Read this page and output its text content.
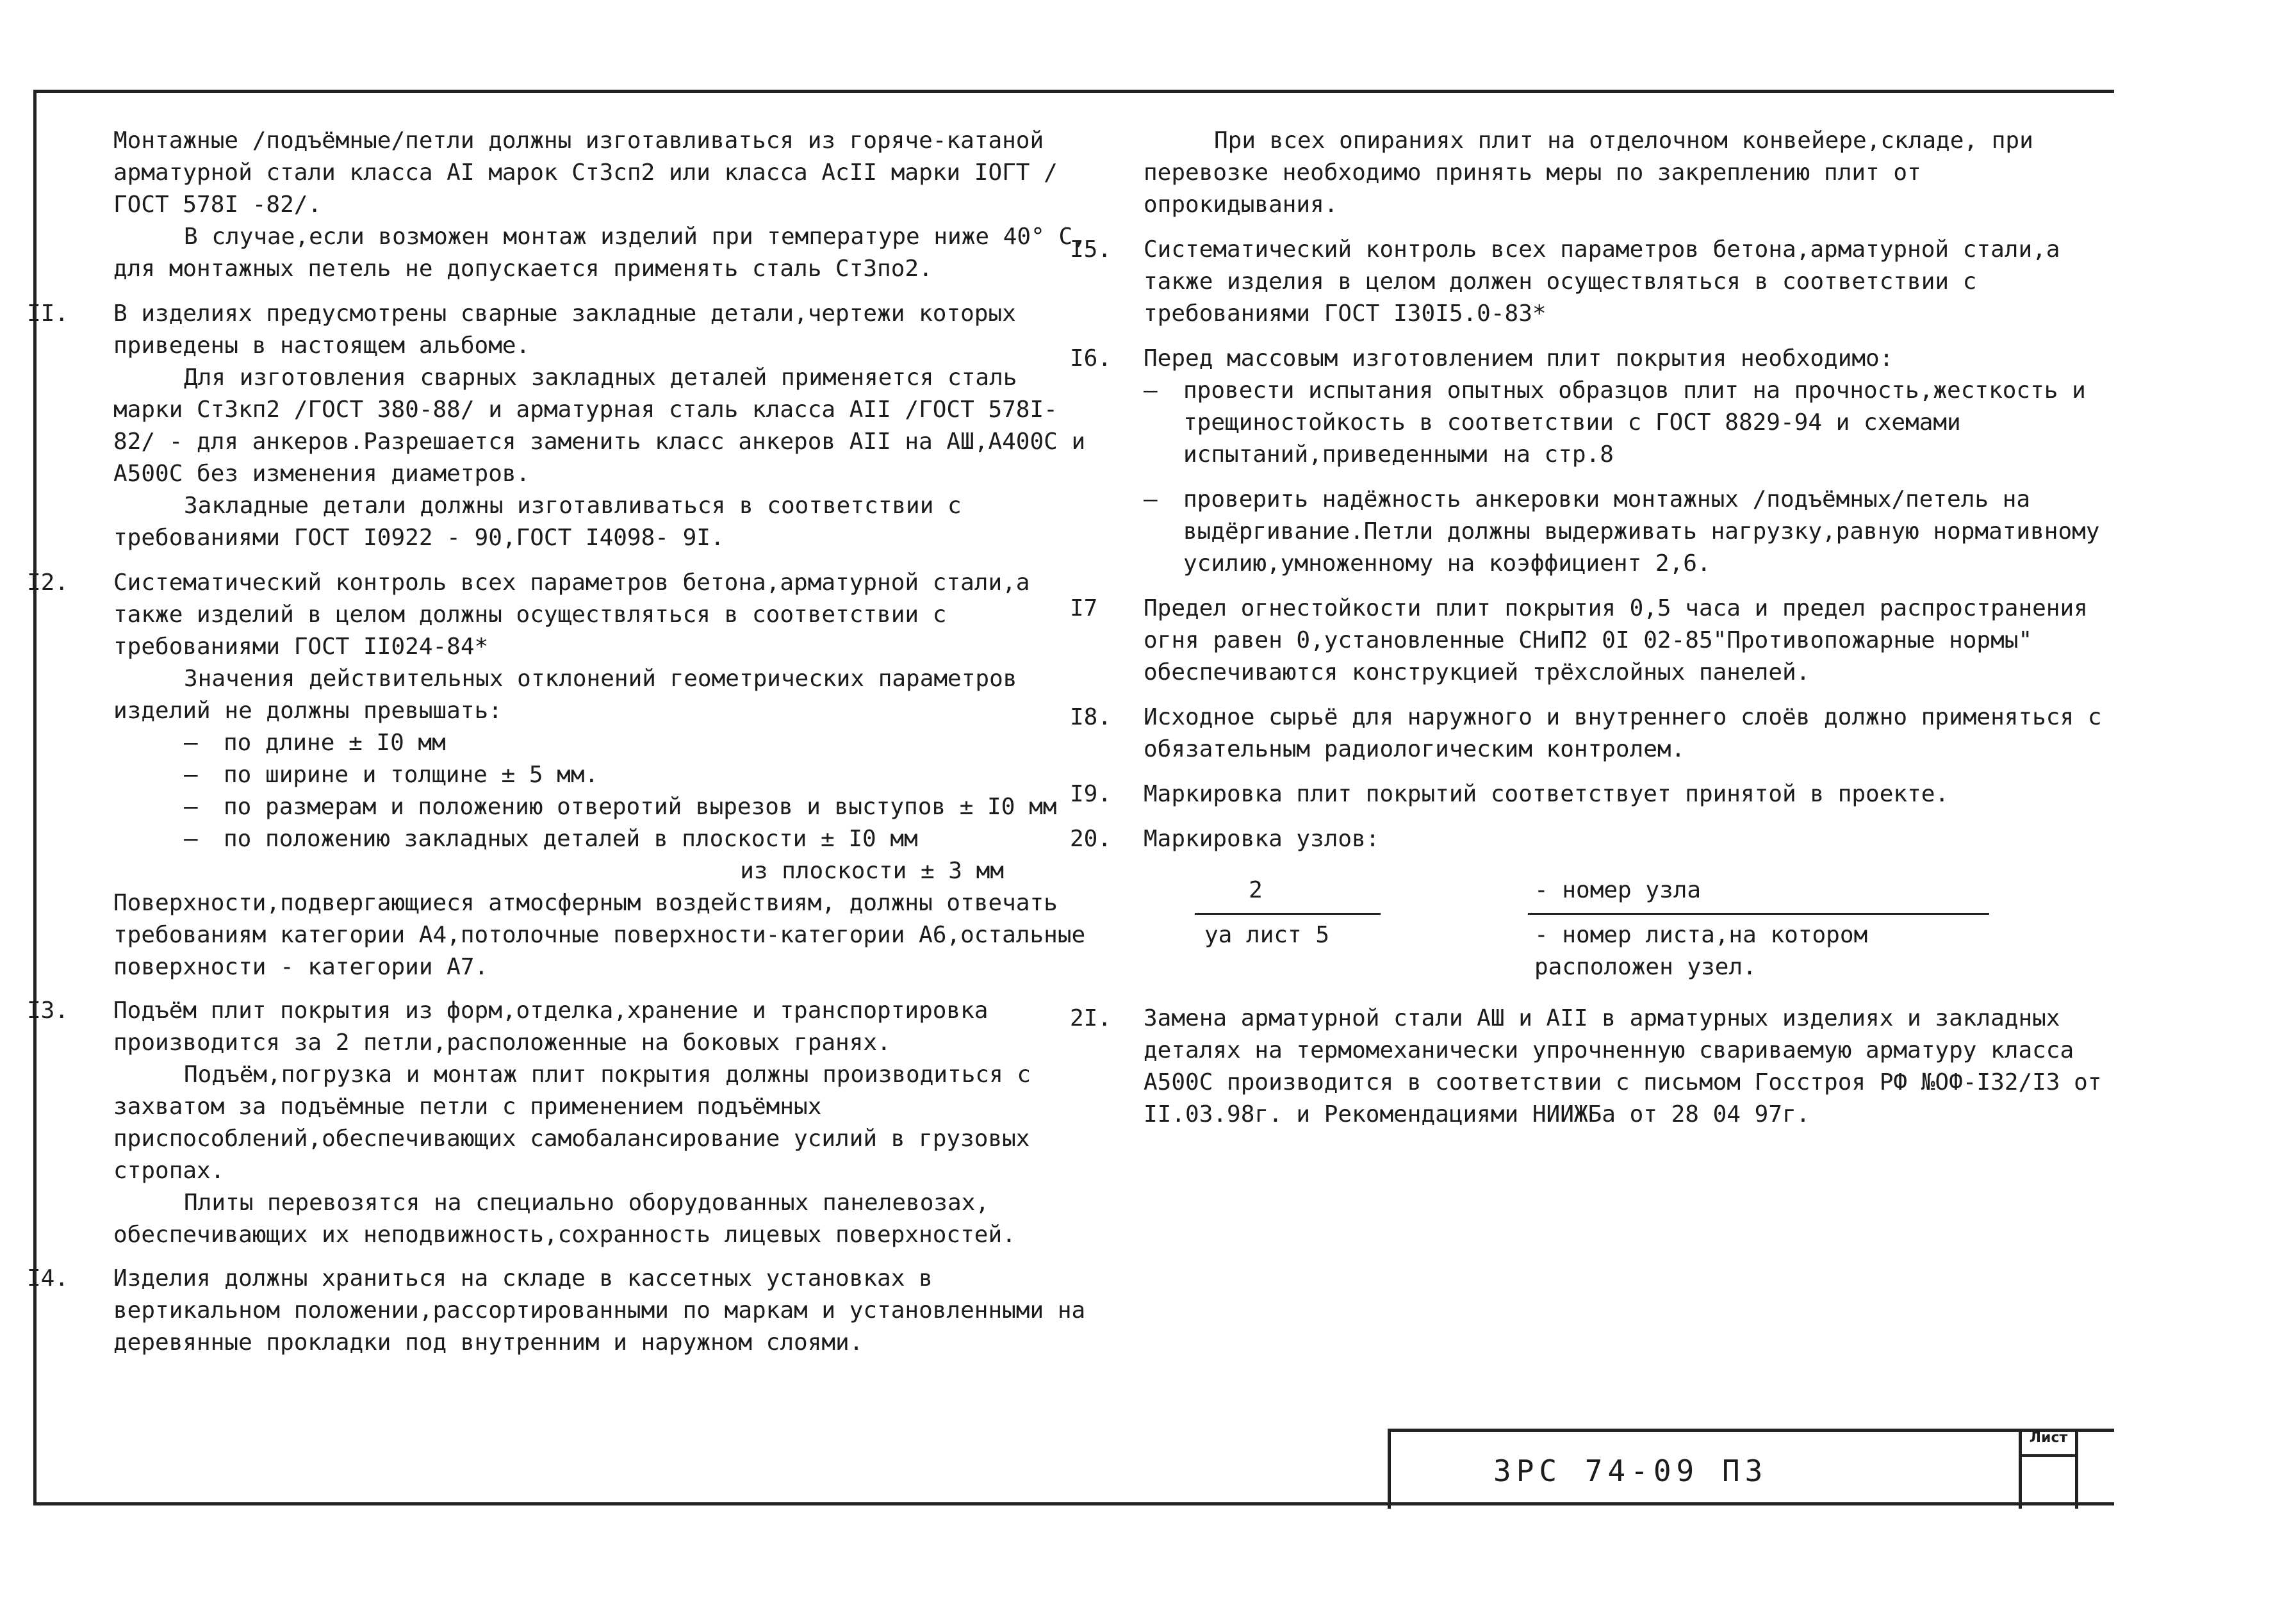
Монтажные /подъёмные/петли должны изготавливаться из горяче-катаной арматурной стали класса AI марок Ст3сп2 или класса АсII марки IОГТ /ГОСТ 578I -82/.

В случае,если возможен монтаж изделий при температуре ниже 40° С, для монтажных петель не допускается применять сталь Ст3по2.

II.	В изделиях предусмотрены сварные закладные детали,чертежи которых приведены в настоящем альбоме.

Для изготовления сварных закладных деталей применяется сталь марки Ст3кп2 /ГОСТ 380-88/ и арматурная сталь класса АII /ГОСТ 578I-82/ - для анкеров.Разрешается заменить класс анкеров АII на АШ,А400С и А500С без изменения диаметров.

Закладные детали должны изготавливаться в соответствии с требованиями ГОСТ I0922 - 90,ГОСТ I4098- 9I.

I2.	Систематический контроль всех параметров бетона,арматурной стали,а также изделий в целом должны осуществляться в соответствии с требованиями ГОСТ II024-84*

Значения действительных отклонений геометрических параметров изделий не должны превышать:

– по длине ± I0 мм
– по ширине и толщине ± 5 мм.
– по размерам и положению отверотий вырезов и выступов ± I0 мм
– по положению закладных деталей в плоскости ± I0 мм

из плоскости ± 3 мм

Поверхности,подвергающиеся атмосферным воздействиям, должны отвечать требованиям категории А4,потолочные поверхности-категории А6,остальные поверхности - категории А7.

I3.	Подъём плит покрытия из форм,отделка,хранение и транспортировка производится за 2 петли,расположенные на боковых гранях.

Подъём,погрузка и монтаж плит покрытия должны производиться с захватом за подъёмные петли с применением подъёмных приспособлений,обеспечивающих самобалансирование усилий в грузовых стропах.

Плиты перевозятся на специально оборудованных панелевозах, обеспечивающих их неподвижность,сохранность лицевых поверхностей.

I4.	Изделия должны храниться на складе в кассетных установках в вертикальном положении,рассортированными по маркам и установленными на деревянные прокладки под внутренним и наружном слоями.

При всех опираниях плит на отделочном конвейере,складе, при перевозке необходимо принять меры по закреплению плит от опрокидывания.

I5.	Систематический контроль всех параметров бетона,арматурной стали,а также изделия в целом должен осуществляться в соответствии с требованиями ГОСТ I30I5.0-83*

I6.	Перед массовым изготовлением плит покрытия необходимо:

– провести испытания опытных образцов плит на прочность,жесткость и трещиностойкость в соответствии с ГОСТ 8829-94 и схемами испытаний,приведенными на стр.8
– проверить надёжность анкеровки монтажных /подъёмных/петель на выдёргивание.Петли должны выдерживать нагрузку,равную нормативному усилию,умноженному на коэффициент 2,6.
I7	Предел огнестойкости плит покрытия 0,5 часа и предел распространения огня равен 0,установленные СНиП2 0I 02-85"Противопожарные нормы" обеспечиваются конструкцией трёхслойных панелей.

I8.	Исходное сырьё для наружного и внутреннего слоёв должно применяться с обязательным радиологическим контролем.

I9.	Маркировка плит покрытий соответствует принятой в проекте.

20.	Маркировка узлов:

2
уа лист 5
- номер узла
- номер листа,на котором расположен узел.
2I.	Замена арматурной стали АШ и АII в арматурных изделиях и закладных деталях на термомеханически упрочненную свариваемую арматуру класса А500С производится в соответствии с письмом Госстроя РФ №ОФ-I32/I3 от II.03.98г. и Рекомендациями НИИЖБа от 28 04 97г.

3РС 74-09 ПЗ
Лист
